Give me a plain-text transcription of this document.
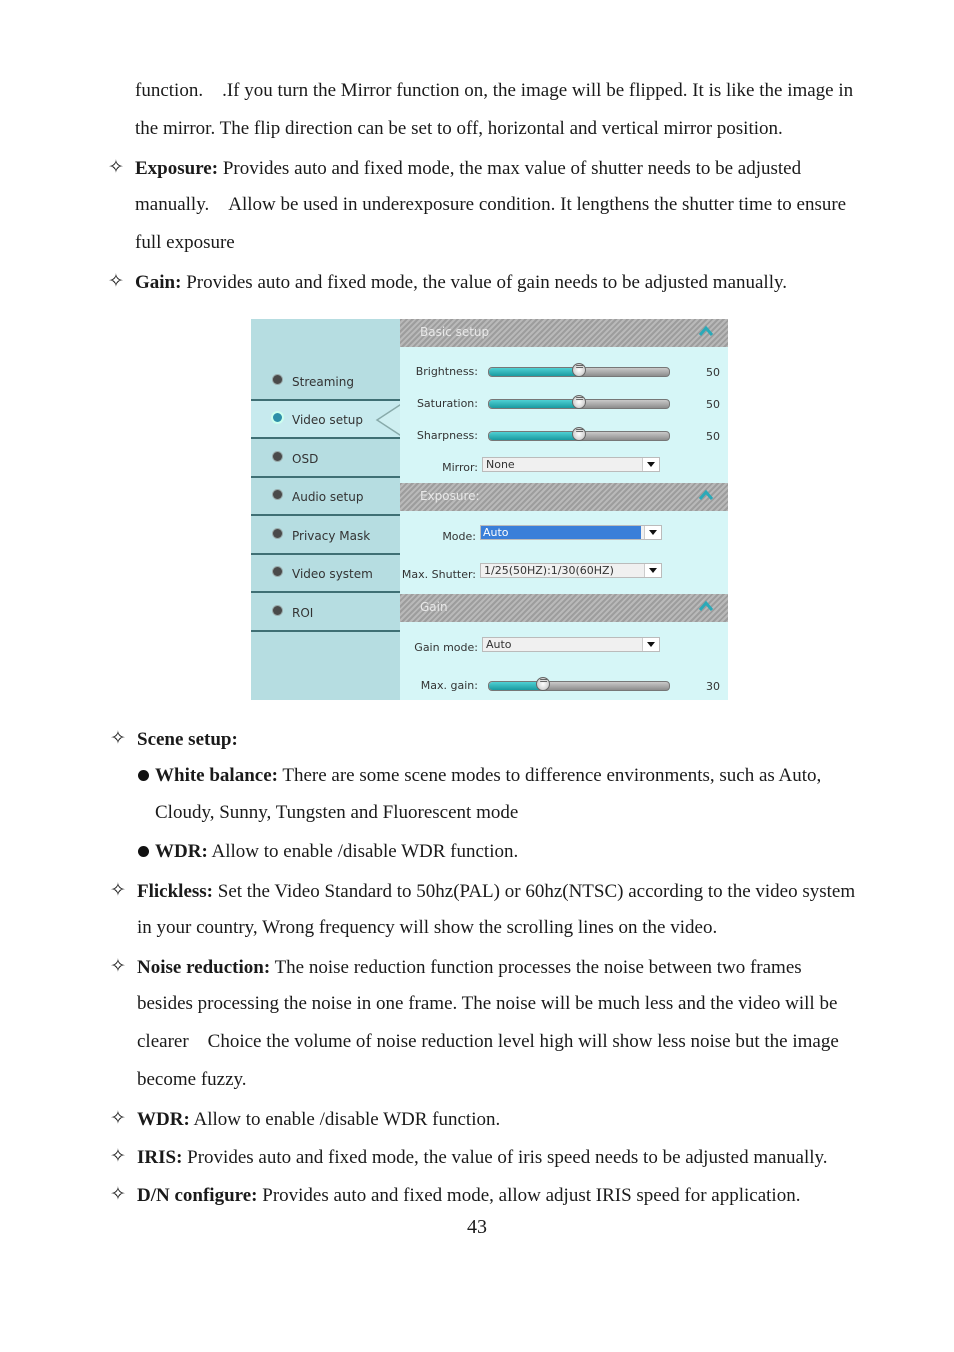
function.    .If you turn the Mirror function on, the image will be flipped. It is like the image in
the mirror. The flip direction can be set to off, horizontal and vertical mirror position.
✧ Exposure: Provides auto and fixed mode, the max value of shutter needs to be adjusted
manually.    Allow be used in underexposure condition. It lengthens the shutter time to ensure
full exposure
✧ Gain: Provides auto and fixed mode, the value of gain needs to be adjusted manually.
Streaming
Video setup
OSD
Audio setup
Privacy Mask
Video system
ROI
Basic setup
Brightness: =	50
Saturation: =	50
Sharpness: =	50
Mirror: None
Exposure:
Mode: Auto
Max. Shutter: 1/25(50HZ):1/30(60HZ)
Gain
Gain mode: Auto
Max. gain: =	30
✧ Scene setup:
White balance: There are some scene modes to difference environments, such as Auto,
Cloudy, Sunny, Tungsten and Fluorescent mode
WDR: Allow to enable /disable WDR function.
✧ Flickless: Set the Video Standard to 50hz(PAL) or 60hz(NTSC) according to the video system
in your country, Wrong frequency will show the scrolling lines on the video.
✧ Noise reduction: The noise reduction function processes the noise between two frames
besides processing the noise in one frame. The noise will be much less and the video will be
clearer    Choice the volume of noise reduction level high will show less noise but the image
become fuzzy.
✧ WDR: Allow to enable /disable WDR function.
✧ IRIS: Provides auto and fixed mode, the value of iris speed needs to be adjusted manually.
✧ D/N configure: Provides auto and fixed mode, allow adjust IRIS speed for application.
43
